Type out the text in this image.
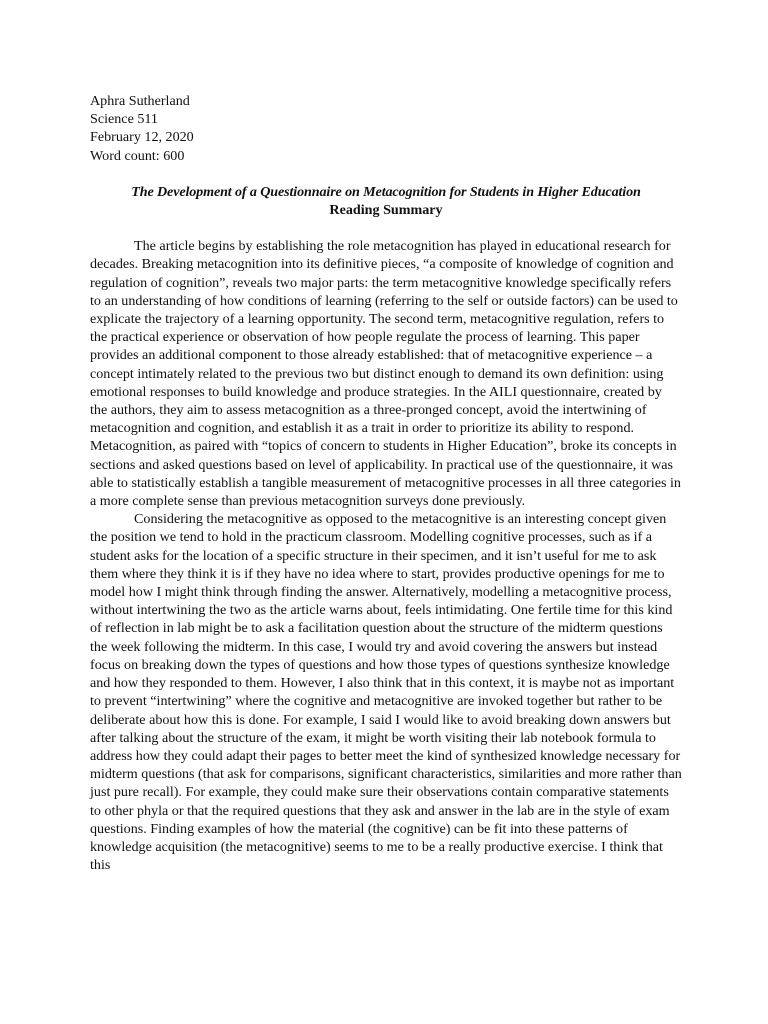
Aphra Sutherland
Science 511
February 12, 2020
Word count: 600
The Development of a Questionnaire on Metacognition for Students in Higher Education
Reading Summary

The article begins by establishing the role metacognition has played in educational research for decades. Breaking metacognition into its definitive pieces, “a composite of knowledge of cognition and regulation of cognition”, reveals two major parts: the term metacognitive knowledge specifically refers to an understanding of how conditions of learning (referring to the self or outside factors) can be used to explicate the trajectory of a learning opportunity. The second term, metacognitive regulation, refers to the practical experience or observation of how people regulate the process of learning. This paper provides an additional component to those already established: that of metacognitive experience – a concept intimately related to the previous two but distinct enough to demand its own definition: using emotional responses to build knowledge and produce strategies. In the AILI questionnaire, created by the authors, they aim to assess metacognition as a three-pronged concept, avoid the intertwining of metacognition and cognition, and establish it as a trait in order to prioritize its ability to respond. Metacognition, as paired with “topics of concern to students in Higher Education”, broke its concepts in sections and asked questions based on level of applicability. In practical use of the questionnaire, it was able to statistically establish a tangible measurement of metacognitive processes in all three categories in a more complete sense than previous metacognition surveys done previously.

Considering the metacognitive as opposed to the metacognitive is an interesting concept given the position we tend to hold in the practicum classroom. Modelling cognitive processes, such as if a student asks for the location of a specific structure in their specimen, and it isn’t useful for me to ask them where they think it is if they have no idea where to start, provides productive openings for me to model how I might think through finding the answer. Alternatively, modelling a metacognitive process, without intertwining the two as the article warns about, feels intimidating. One fertile time for this kind of reflection in lab might be to ask a facilitation question about the structure of the midterm questions the week following the midterm. In this case, I would try and avoid covering the answers but instead focus on breaking down the types of questions and how those types of questions synthesize knowledge and how they responded to them. However, I also think that in this context, it is maybe not as important to prevent “intertwining” where the cognitive and metacognitive are invoked together but rather to be deliberate about how this is done. For example, I said I would like to avoid breaking down answers but after talking about the structure of the exam, it might be worth visiting their lab notebook formula to address how they could adapt their pages to better meet the kind of synthesized knowledge necessary for midterm questions (that ask for comparisons, significant characteristics, similarities and more rather than just pure recall). For example, they could make sure their observations contain comparative statements to other phyla or that the required questions that they ask and answer in the lab are in the style of exam questions. Finding examples of how the material (the cognitive) can be fit into these patterns of knowledge acquisition (the metacognitive) seems to me to be a really productive exercise. I think that this
